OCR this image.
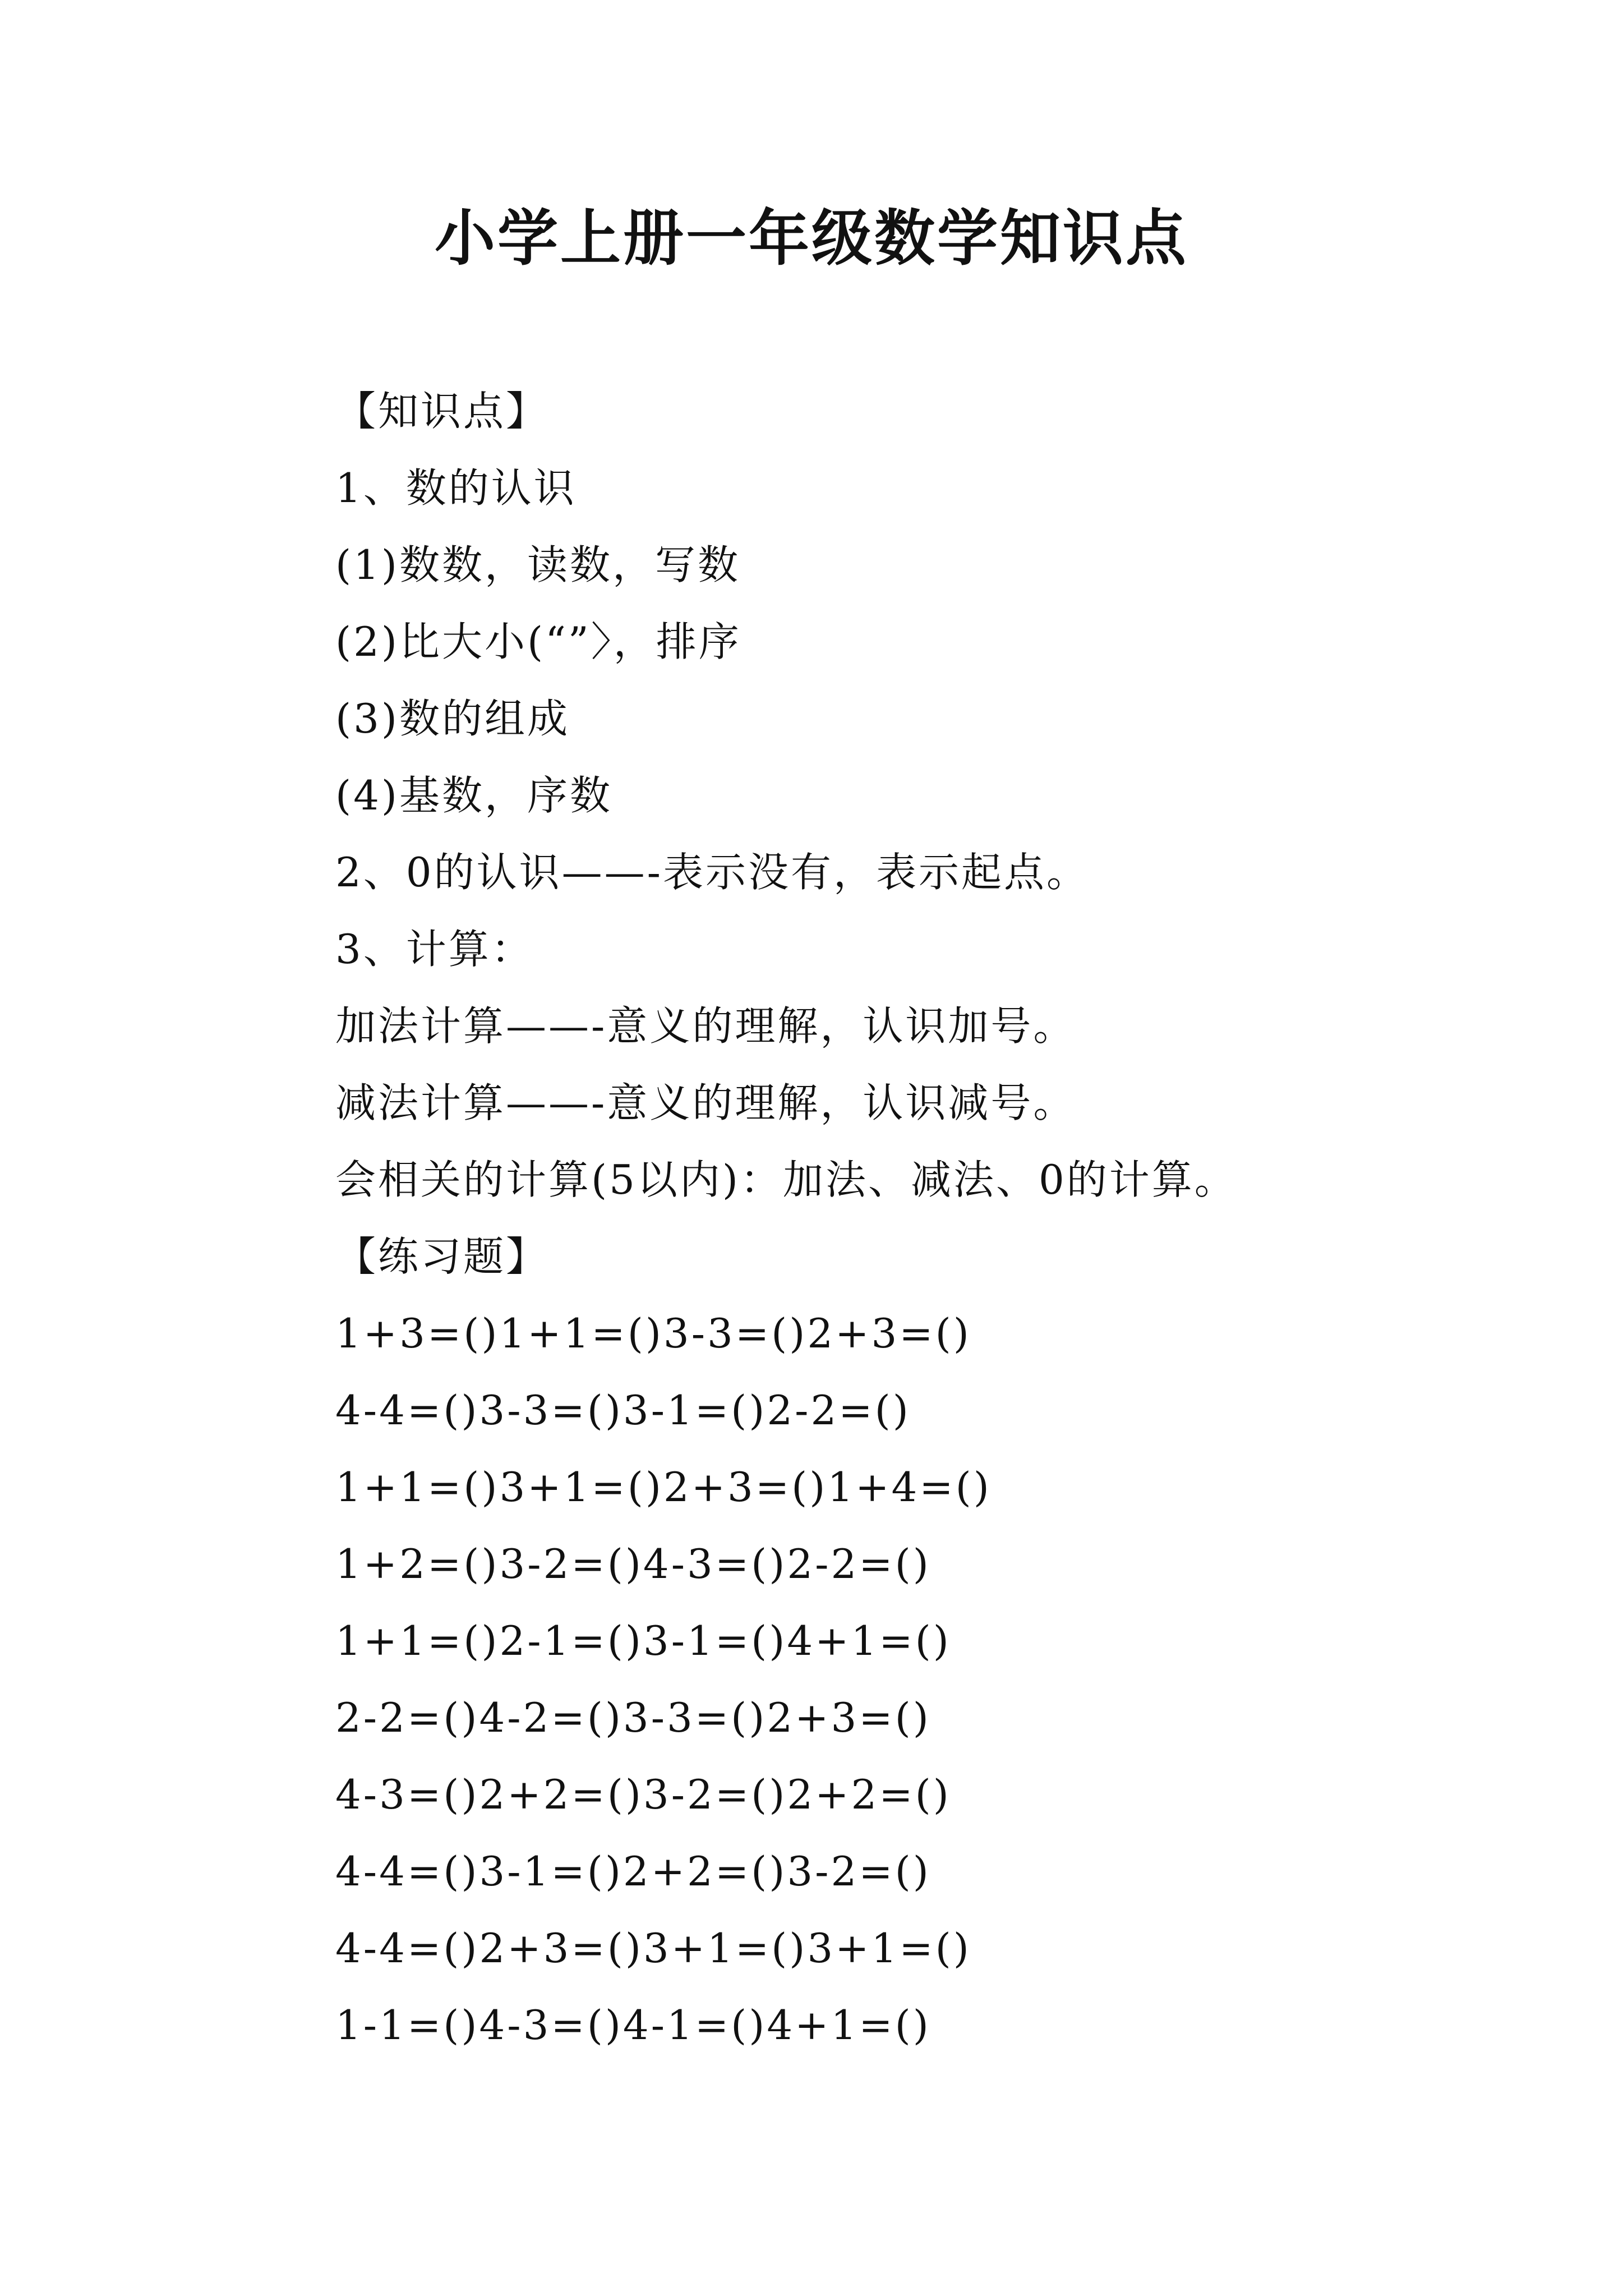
小学上册一年级数学知识点
【知识点】
1、数的认识
(1)数数，读数，写数
(2)比大小(“”〉，排序
(3)数的组成
(4)基数，序数
2、0的认识——-表示没有，表示起点。
3、计算：
加法计算——-意义的理解，认识加号。
减法计算——-意义的理解，认识减号。
会相关的计算(5以内)：加法、减法、0的计算。
【练习题】
1+3=()1+1=()3-3=()2+3=()
4-4=()3-3=()3-1=()2-2=()
1+1=()3+1=()2+3=()1+4=()
1+2=()3-2=()4-3=()2-2=()
1+1=()2-1=()3-1=()4+1=()
2-2=()4-2=()3-3=()2+3=()
4-3=()2+2=()3-2=()2+2=()
4-4=()3-1=()2+2=()3-2=()
4-4=()2+3=()3+1=()3+1=()
1-1=()4-3=()4-1=()4+1=()
